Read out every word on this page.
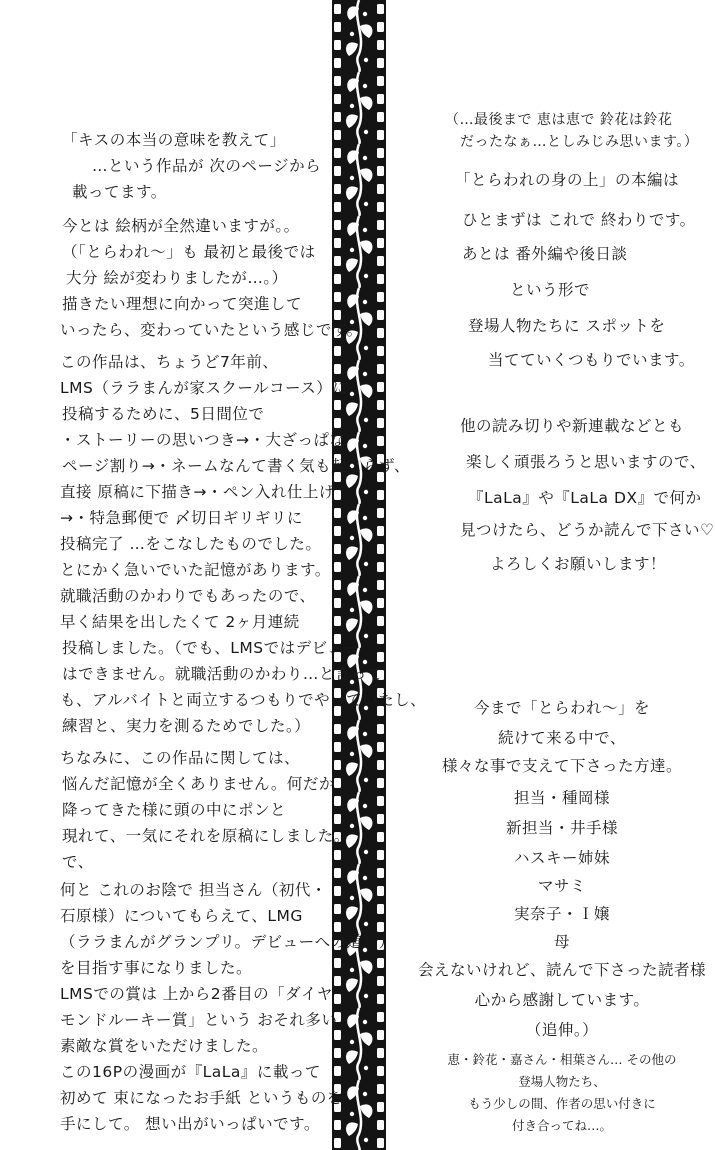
「キスの本当の意味を教えて」
…という作品が 次のページから
載ってます。
今とは 絵柄が全然違いますが。。
（「とらわれ〜」も 最初と最後では
大分 絵が変わりましたが…。）
描きたい理想に向かって突進して
いったら、変わっていたという感じです。
この作品は、ちょうど7年前、
LMS（ララまんが家スクールコース）に
投稿するために、5日間位で
・ストーリーの思いつき→・大ざっぱな
ページ割り→・ネームなんて書く気も起こらず、
直接 原稿に下描き→・ペン入れ仕上げ
→・特急郵便で 〆切日ギリギリに
投稿完了 …をこなしたものでした。
とにかく急いでいた記憶があります。
就職活動のかわりでもあったので、
早く結果を出したくて 2ヶ月連続
投稿しました。（でも、LMSではデビュー
はできません。就職活動のかわり…と言って
も、アルバイトと両立するつもりでやっていたし、
練習と、実力を測るためでした。）
ちなみに、この作品に関しては、
悩んだ記憶が全くありません。何だか
降ってきた様に頭の中にポンと
現れて、一気にそれを原稿にしました。
で、
何と これのお陰で 担当さん（初代・
石原様）についてもらえて、LMG
（ララまんがグランプリ。デビューへの道！）
を目指す事になりました。
LMSでの賞は 上から2番目の「ダイヤ
モンドルーキー賞」という おそれ多い
素敵な賞をいただけました。
この16Pの漫画が『LaLa』に載って
初めて 束になったお手紙 というものを
手にして。 想い出がいっぱいです。
（…最後まで 恵は恵で 鈴花は鈴花
だったなぁ…としみじみ思います。）
「とらわれの身の上」の本編は
ひとまずは これで 終わりです。
あとは 番外編や後日談
という形で
登場人物たちに スポットを
当てていくつもりでいます。
他の読み切りや新連載などとも
楽しく頑張ろうと思いますので、
『LaLa』や『LaLa DX』で何か
見つけたら、どうか読んで下さい♡
よろしくお願いします！
今まで「とらわれ〜」を
続けて来る中で、
様々な事で支えて下さった方達。
担当・種岡様
新担当・井手様
ハスキー姉妹
マサミ
実奈子・Ｉ嬢
母
会えないけれど、読んで下さった読者様
心から感謝しています。
（追伸。）
恵・鈴花・嘉さん・相葉さん… その他の
登場人物たち、
もう少しの間、作者の思い付きに
付き合ってね…。
